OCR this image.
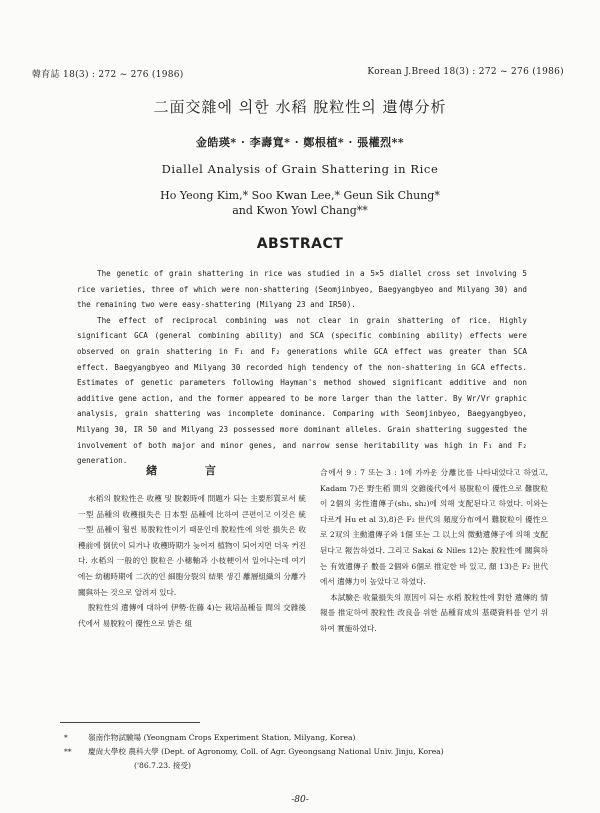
韓育誌 18(3) : 272 ~ 276 (1986)	Korean J.Breed 18(3) : 272 ~ 276 (1986)
二面交雜에 의한 水稻 脫粒性의 遺傳分析
金皓瑛* · 李壽寬* · 鄭根植* · 張權烈**
Diallel Analysis of Grain Shattering in Rice
Ho Yeong Kim,* Soo Kwan Lee,* Geun Sik Chung*
and Kwon Yowl Chang**
ABSTRACT

The genetic of grain shattering in rice was studied in a 5×5 diallel cross set involving 5 rice varieties, three of which were non-shattering (Seomjinbyeo, Baegyangbyeo and Milyang 30) and the remaining two were easy-shattering (Milyang 23 and IR50).

The effect of reciprocal combining was not clear in grain shattering of rice. Highly significant GCA (general combining ability) and SCA (specific combining ability) effects were observed on grain shattering in F₁ and F₂ generations while GCA effect was greater than SCA effect. Baegyangbyeo and Milyang 30 recorded high tendency of the non-shattering in GCA effects. Estimates of genetic parameters following Hayman's method showed significant additive and non additive gene action, and the former appeared to be more larger than the latter. By Wr/Vr graphic analysis, grain shattering was incomplete dominance. Comparing with Seomjinbyeo, Baegyangbyeo, Milyang 30, IR 50 and Milyang 23 possessed more dominant alleles. Grain shattering suggested the involvement of both major and minor genes, and narrow sense heritability was high in F₁ and F₂ generation.

緖 言

水稻의 脫粒性은 收穫 및 脫穀時에 問題가 되는 主要形質로서 統一型 品種의 收穫損失은 日本型 品種에 比하여 큰편이고 이것은 統一型 品種이 훨씬 易脫粒性이기 때문인데 脫粒性에 의한 損失은 收穫前에 倒伏이 되거나 收穫時期가 늦어져 植物이 되어지면 더욱 커진다. 水稻의 一般的인 脫粒은 小穗軸과 小枝梗이서 일어나는데 여기에는 幼穗時期에 二次的인 細胞分裂의 結果 생긴 離層組織의 分離가 關與하는 것으로 알려져 있다.

脫粒性의 遺傳에 대하여 伊勢·佐藤 4)는 栽培品種들 間의 交雜後代에서 易脫粒이 優性으로 밝은 組

合에서 9 : 7 또는 3 : 1에 가까운 分離比를 나타내었다고 하였고, Kadam 7)은 野生稻 間의 交雜後代에서 易脫粒이 優性으로 難脫粒이 2個의 劣性遺傳子(sh₁, sh₂)에 의해 支配된다고 하였다. 이와는 다르게 Hu et al 3),8)은 F₂ 世代의 頻度分布에서 難脫粒이 優性으로 2双의 主動遺傳子와 1個 또는 그 以上의 微動遺傳子에 의해 支配된다고 報告하였다. 그리고 Sakai & Niles 12)는 脫粒性에 關與하는 有效遺傳子 數를 2個와 6個로 推定한 바 있고, 顏 13)은 F₂ 世代에서 遺傳力이 높았다고 하였다.

本試驗은 收量損失의 原因이 되는 水稻 脫粒性에 對한 遺傳的 情報를 推定하여 脫粒性 改良을 위한 品種育成의 基礎資料를 얻기 위하여 實施하였다.

*	嶺南作物試驗場 (Yeongnam Crops Experiment Station, Milyang, Korea)
** 慶尙大學校 農科大學 (Dept. of Agronomy, Coll. of Agr. Gyeongsang National Univ. Jinju, Korea)
('86.7.23. 接受)
-80-
